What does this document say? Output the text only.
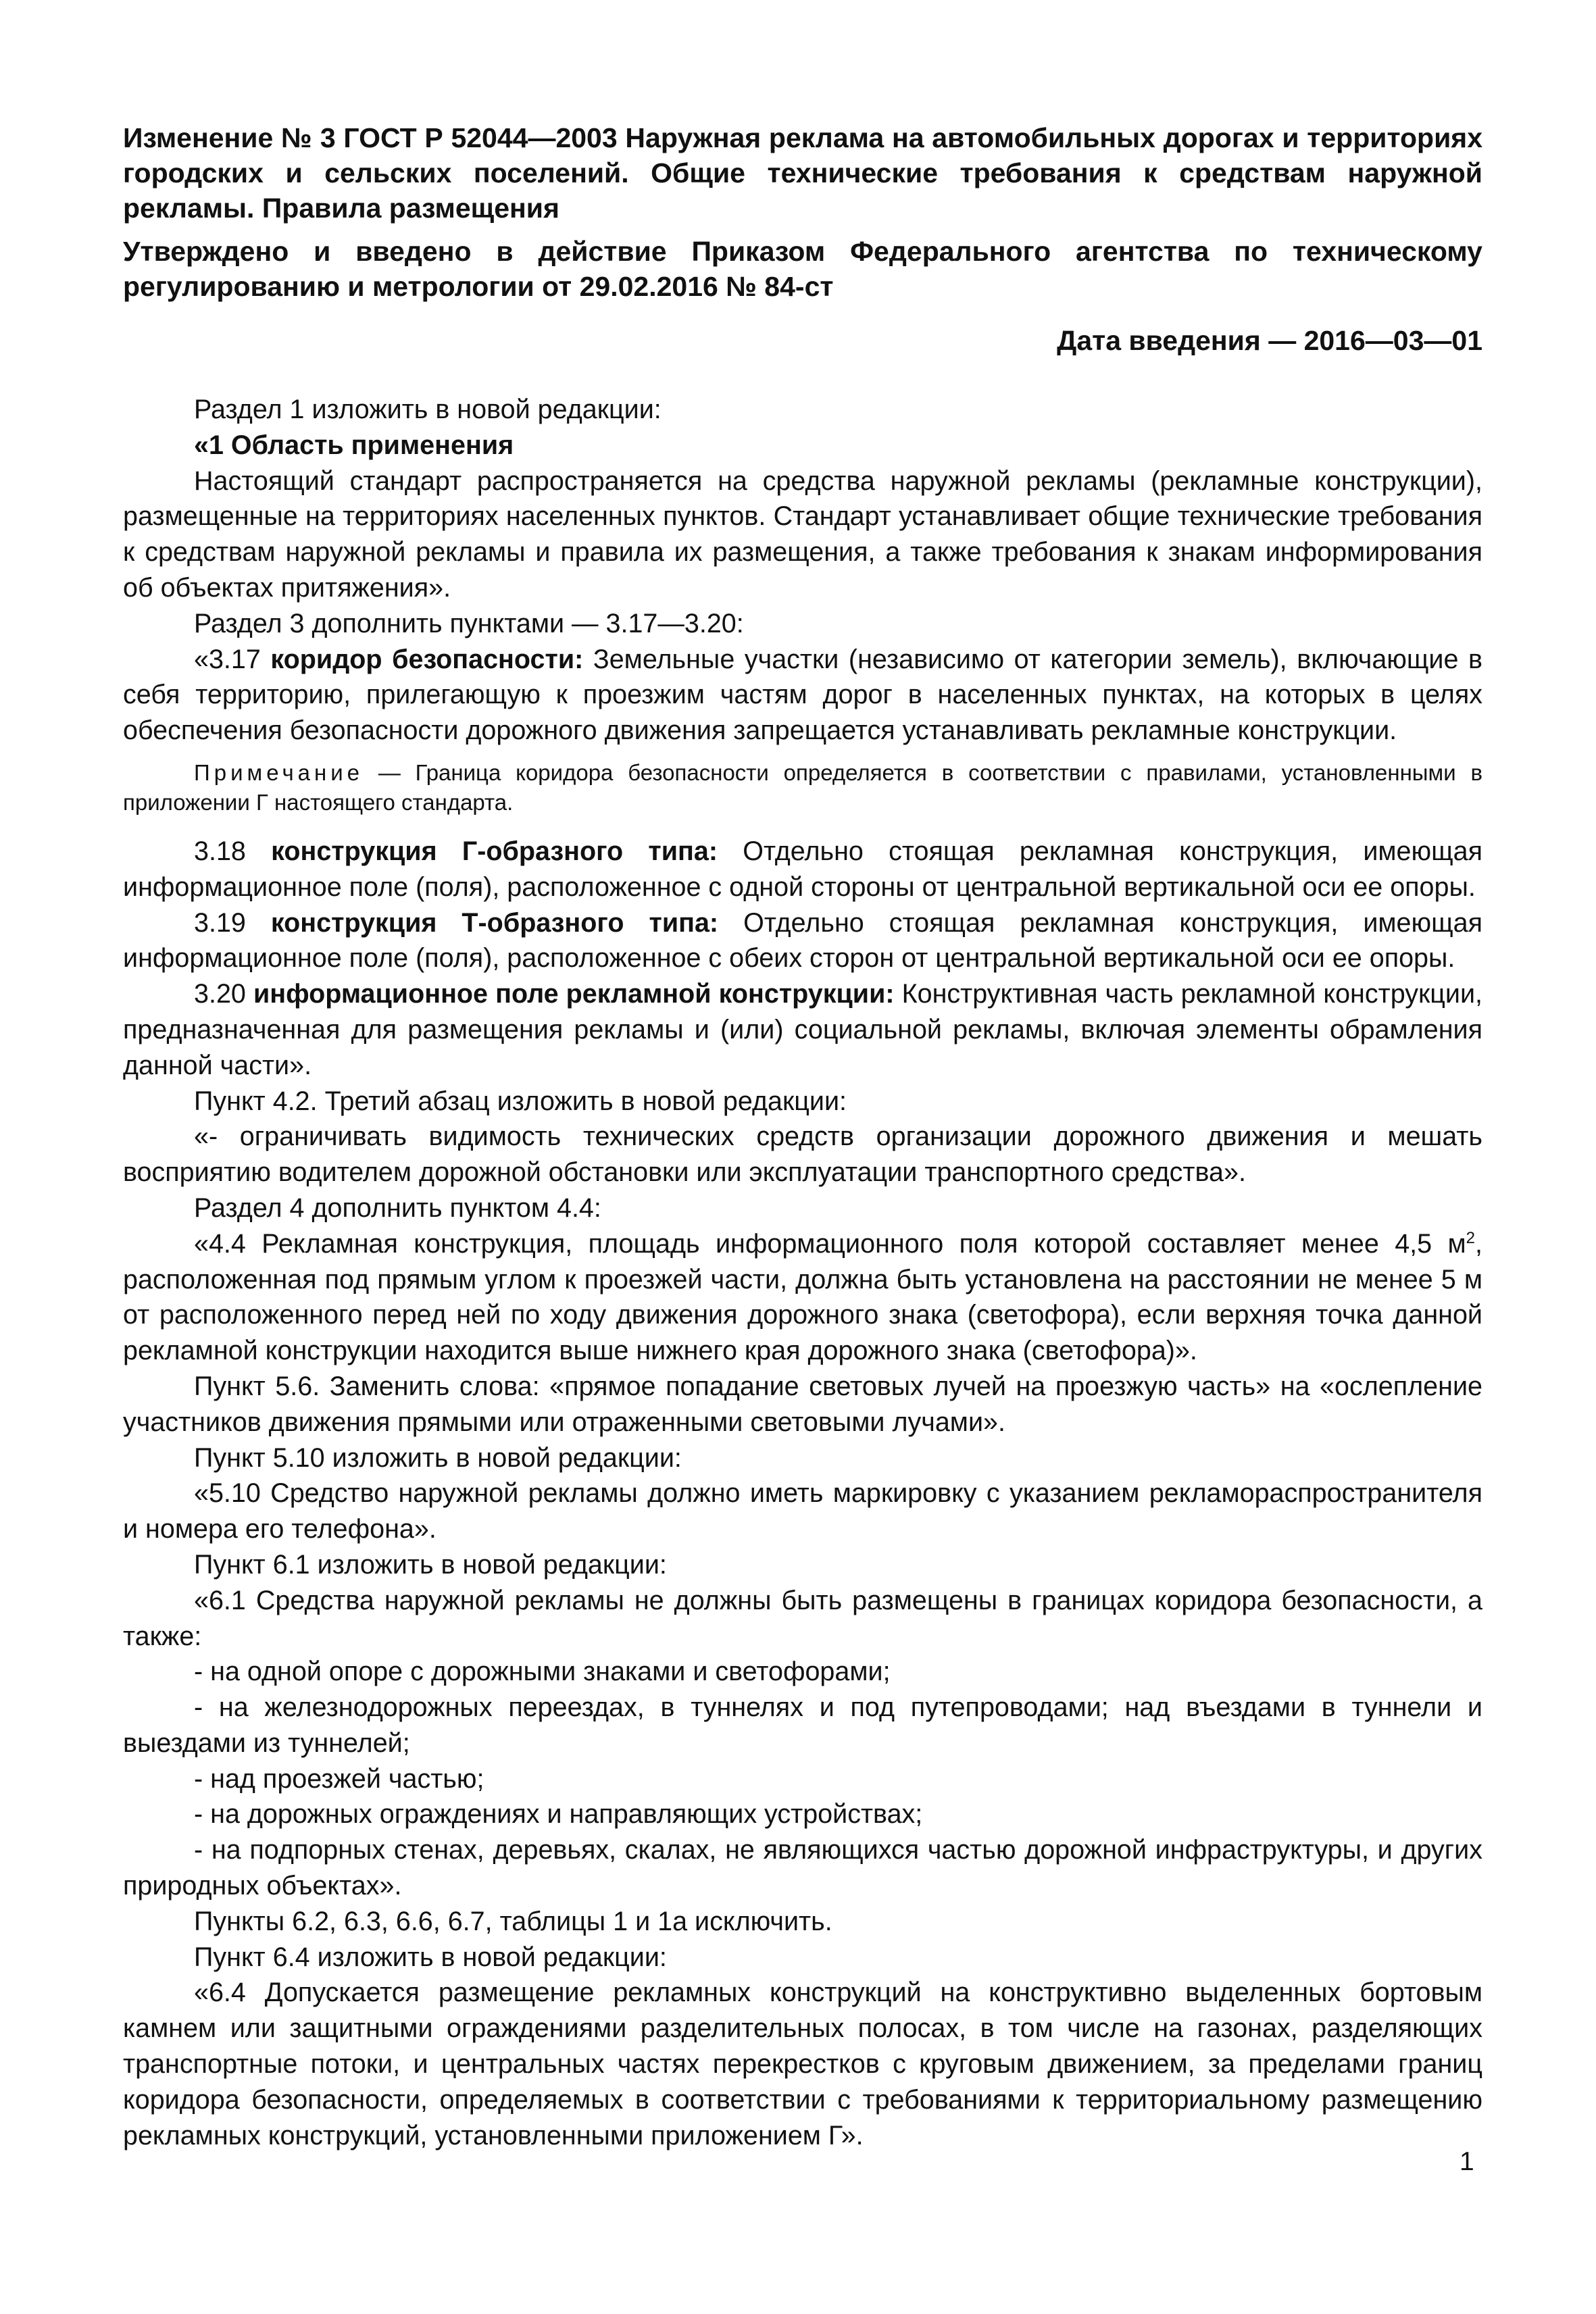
Изменение № 3 ГОСТ Р 52044—2003 Наружная реклама на автомобильных дорогах и территориях городских и сельских поселений. Общие технические требования к средствам наружной рекламы. Правила размещения
Утверждено и введено в действие Приказом Федерального агентства по техническому регулированию и метрологии от 29.02.2016 № 84-ст
Дата введения — 2016—03—01

Раздел 1 изложить в новой редакции:

«1 Область применения

Настоящий стандарт распространяется на средства наружной рекламы (рекламные конструкции), размещенные на территориях населенных пунктов. Стандарт устанавливает общие технические требования к средствам наружной рекламы и правила их размещения, а также требования к знакам информирования об объектах притяжения».

Раздел 3 дополнить пунктами — 3.17—3.20:

«3.17 коридор безопасности: Земельные участки (независимо от категории земель), включающие в себя территорию, прилегающую к проезжим частям дорог в населенных пунктах, на которых в целях обеспечения безопасности дорожного движения запрещается устанавливать рекламные конструкции.

Примечание — Граница коридора безопасности определяется в соответствии с правилами, установленными в приложении Г настоящего стандарта.

3.18 конструкция Г-образного типа: Отдельно стоящая рекламная конструкция, имеющая информационное поле (поля), расположенное с одной стороны от центральной вертикальной оси ее опоры.

3.19 конструкция Т-образного типа: Отдельно стоящая рекламная конструкция, имеющая информационное поле (поля), расположенное с обеих сторон от центральной вертикальной оси ее опоры.

3.20 информационное поле рекламной конструкции: Конструктивная часть рекламной конструкции, предназначенная для размещения рекламы и (или) социальной рекламы, включая элементы обрамления данной части».

Пункт 4.2. Третий абзац изложить в новой редакции:

«- ограничивать видимость технических средств организации дорожного движения и мешать восприятию водителем дорожной обстановки или эксплуатации транспортного средства».

Раздел 4 дополнить пунктом 4.4:

«4.4 Рекламная конструкция, площадь информационного поля которой составляет менее 4,5 $м^2$, расположенная под прямым углом к проезжей части, должна быть установлена на расстоянии не менее 5 м от расположенного перед ней по ходу движения дорожного знака (светофора), если верхняя точка данной рекламной конструкции находится выше нижнего края дорожного знака (светофора)».

Пункт 5.6. Заменить слова: «прямое попадание световых лучей на проезжую часть» на «ослепление участников движения прямыми или отраженными световыми лучами».

Пункт 5.10 изложить в новой редакции:

«5.10 Средство наружной рекламы должно иметь маркировку с указанием рекламораспространителя и номера его телефона».

Пункт 6.1 изложить в новой редакции:

«6.1 Средства наружной рекламы не должны быть размещены в границах коридора безопасности, а также:

- на одной опоре с дорожными знаками и светофорами;

- на железнодорожных переездах, в туннелях и под путепроводами; над въездами в туннели и выездами из туннелей;

- над проезжей частью;

- на дорожных ограждениях и направляющих устройствах;

- на подпорных стенах, деревьях, скалах, не являющихся частью дорожной инфраструктуры, и других природных объектах».

Пункты 6.2, 6.3, 6.6, 6.7, таблицы 1 и 1а исключить.

Пункт 6.4 изложить в новой редакции:

«6.4 Допускается размещение рекламных конструкций на конструктивно выделенных бортовым камнем или защитными ограждениями разделительных полосах, в том числе на газонах, разделяющих транспортные потоки, и центральных частях перекрестков с круговым движением, за пределами границ коридора безопасности, определяемых в соответствии с требованиями к территориальному размещению рекламных конструкций, установленными приложением Г».

1
